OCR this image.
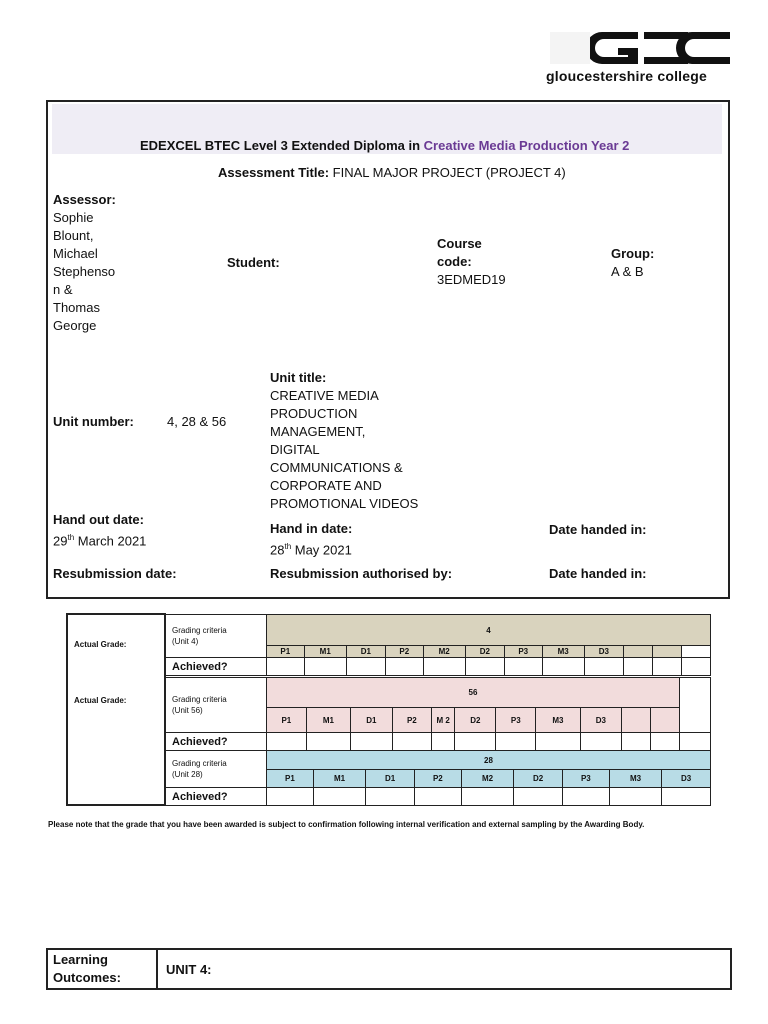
gloucestershire college
EDEXCEL BTEC Level 3 Extended Diploma in Creative Media Production Year 2
Assessment Title: FINAL MAJOR PROJECT (PROJECT 4)
Assessor:
Sophie
Blount,
Michael
Stephenso
n &
Thomas
George
Student:
Course
code:
3EDMED19
Group:
A & B
Unit number:	4, 28 & 56
Unit title:
CREATIVE MEDIA
PRODUCTION
MANAGEMENT,
DIGITAL
COMMUNICATIONS &
CORPORATE AND
PROMOTIONAL VIDEOS
Hand out date:
29th March 2021
Hand in date:
28th May 2021
Date handed in:
Resubmission date:	Resubmission authorised by:	Date handed in:
Actual Grade:
Actual Grade:
Grading criteria
(Unit 4)	4											
	P1	M1	D1	P2	M2	D2	P3	M3	D3			
Achieved?												
Grading criteria
(Unit 56)	56											
	P1	M1	D1	P2	M 2	D2	P3	M3	D3			
Achieved?												
Grading criteria
(Unit 28)	28								
	P1	M1	D1	P2	M2	D2	P3	M3	D3
Achieved?									
Please note that the grade that you have been awarded is subject to confirmation following internal verification and external sampling by the Awarding Body.
Learning
Outcomes:
UNIT 4:
